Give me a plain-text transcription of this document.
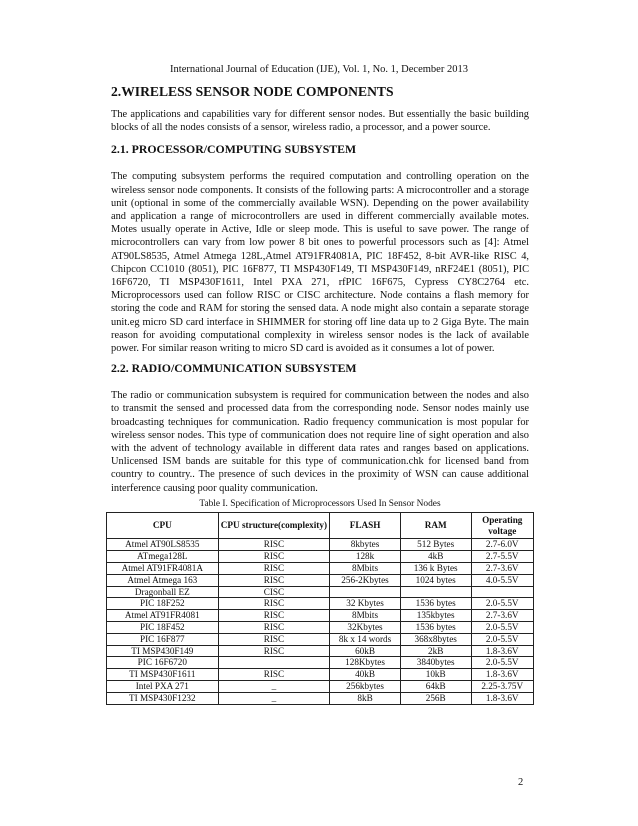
International Journal of Education (IJE), Vol. 1, No. 1, December 2013
2.WIRELESS SENSOR NODE COMPONENTS

The applications and capabilities vary for different sensor nodes. But essentially the basic building blocks of all the nodes consists of a sensor, wireless radio, a processor, and a power source.

2.1. PROCESSOR/COMPUTING SUBSYSTEM

The computing subsystem performs the required computation and controlling operation on the wireless sensor node components. It consists of the following parts: A microcontroller and a storage unit (optional in some of the commercially available WSN). Depending on the power availability and application a range of microcontrollers are used in different commercially available motes. Motes usually operate in Active, Idle or sleep mode. This is useful to save power. The range of microcontrollers can vary from low power 8 bit ones to powerful processors such as [4]: Atmel AT90LS8535, Atmel Atmega 128L,Atmel AT91FR4081A, PIC 18F452, 8-bit AVR-like RISC 4, Chipcon CC1010 (8051), PIC 16F877, TI MSP430F149, TI MSP430F149, nRF24E1 (8051), PIC 16F6720, TI MSP430F1611, Intel PXA 271, rfPIC 16F675, Cypress CY8C2764 etc. Microprocessors used can follow RISC or CISC architecture. Node contains a flash memory for storing the code and RAM for storing the sensed data. A node might also contain a separate storage unit.eg micro SD card interface in SHIMMER for storing off line data up to 2 Giga Byte. The main reason for avoiding computational complexity in wireless sensor nodes is the lack of available power. For similar reason writing to micro SD card is avoided as it consumes a lot of power.

2.2. RADIO/COMMUNICATION SUBSYSTEM

The radio or communication subsystem is required for communication between the nodes and also to transmit the sensed and processed data from the corresponding node. Sensor nodes mainly use broadcasting techniques for communication. Radio frequency communication is most popular for wireless sensor nodes. This type of communication does not require line of sight operation and also with the advent of technology available in different data rates and ranges based on applications. Unlicensed ISM bands are suitable for this type of communication.chk for licensed band from country to country.. The presence of such devices in the proximity of WSN can cause additional interference causing poor quality communication.

Table I. Specification of Microprocessors Used In Sensor Nodes
CPU	CPU structure(complexity)	FLASH	RAM	Operating voltage
Atmel AT90LS8535	RISC	8kbytes	512 Bytes	2.7-6.0V
ATmega128L	RISC	128k	4kB	2.7-5.5V
Atmel AT91FR4081A	RISC	8Mbits	136 k Bytes	2.7-3.6V
Atmel Atmega 163	RISC	256-2Kbytes	1024 bytes	4.0-5.5V
Dragonball EZ	CISC			
PIC 18F252	RISC	32 Kbytes	1536 bytes	2.0-5.5V
Atmel AT91FR4081	RISC	8Mbits	135kbytes	2.7-3.6V
PIC 18F452	RISC	32Kbytes	1536 bytes	2.0-5.5V
PIC 16F877	RISC	8k x 14 words	368x8bytes	2.0-5.5V
TI MSP430F149	RISC	60kB	2kB	1.8-3.6V
PIC 16F6720		128Kbytes	3840bytes	2.0-5.5V
TI MSP430F1611	RISC	40kB	10kB	1.8-3.6V
Intel PXA 271	_	256kbytes	64kB	2.25-3.75V
TI MSP430F1232	_	8kB	256B	1.8-3.6V
2
